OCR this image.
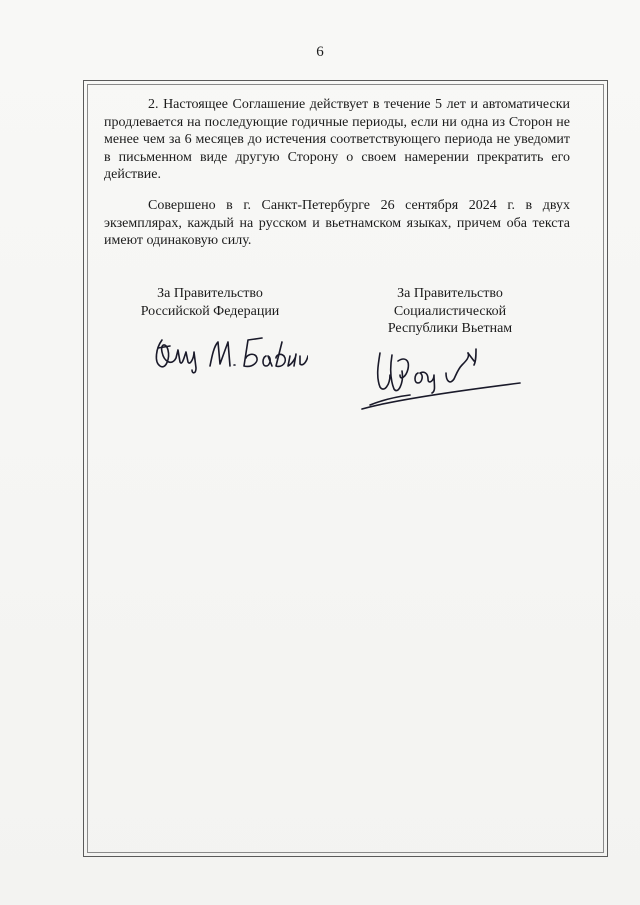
6
2. Настоящее Соглашение действует в течение 5 лет и автоматически продлевается на последующие годичные периоды, если ни одна из Сторон не менее чем за 6 месяцев до истечения соответствующего периода не уведомит в письменном виде другую Сторону о своем намерении прекратить его действие.
Совершено в г. Санкт-Петербурге 26 сентября 2024 г. в двух экземплярах, каждый на русском и вьетнамском языках, причем оба текста имеют одинаковую силу.
За Правительство
Российской Федерации
За Правительство
Социалистической
Республики Вьетнам
